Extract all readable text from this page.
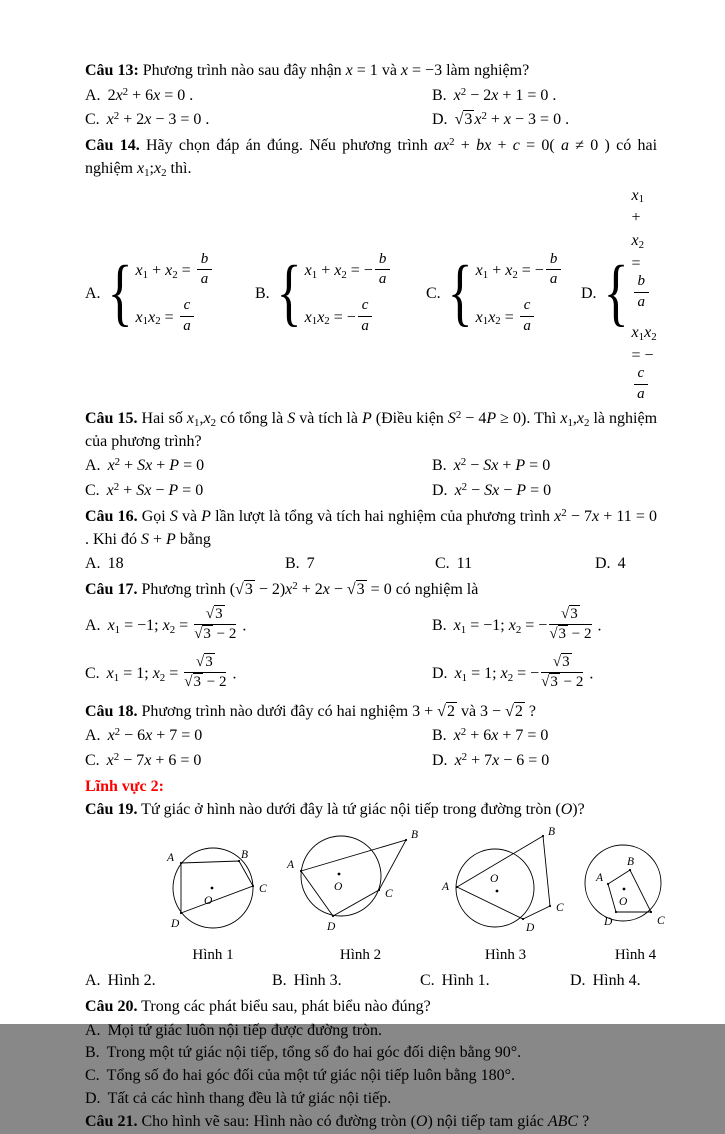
Câu 13: Phương trình nào sau đây nhận x = 1 và x = −3 làm nghiệm?
A. $2x^2 + 6x = 0$ .	B. $x^2 - 2x + 1 = 0$ .
C. $x^2 + 2x - 3 = 0$ .	D. √3 $x^2 + x - 3 = 0$ .
Câu 14. Hãy chọn đáp án đúng. Nếu phương trình $ax^2$ + bx + c = 0( a ≠ 0 ) có hai nghiệm x1;x2 thì.
A. { $x1 + x2 = \frac{b}{a}$
$x1x2 = \frac{c}{a}$
B. { x1 + x2 = − $\frac{b}{a}$
x1x2 = − $\frac{c}{a}$
C. { x1 + x2 = − $\frac{b}{a}$
$x1x2 = \frac{c}{a}$
D. {
x1 + x2 =
$\frac{b}{a}$
x1x2 = −
$\frac{c}{a}$
Câu 15. Hai số x1,x2 có tổng là S và tích là P (Điều kiện $S^2 - 4P \ge 0$). Thì x1,x2 là nghiệm của phương trình?
A. $x^2 + Sx + P = 0$	B. $x^2 - Sx + P = 0$
C. $x^2 + Sx - P = 0$	D. $x^2 - Sx - P = 0$
Câu 16. Gọi S và P lần lượt là tổng và tích hai nghiệm của phương trình $x^2 - 7x + 11 = 0$ . Khi đó S + P bằng
A. 18	B. 7	C. 11	D. 4
Câu 17. Phương trình $(√3 - 2)x^2 + 2x - √3 = 0$ có nghiệm là
A. x1 = −1; $x2 = \frac{√3}{√3 - 2}$ .	B. x1 = −1; x2 = − $\frac{√3}{√3 - 2}$ .
C. x1 = 1; $x2 = \frac{√3}{√3 - 2}$ .	D. x1 = 1; x2 = − $\frac{√3}{√3 - 2}$ .
Câu 18. Phương trình nào dưới đây có hai nghiệm 3 + √2 và 3 − √2 ?
A. $x^2 - 6x + 7 = 0$	B. $x^2 + 6x + 7 = 0$
C. $x^2 - 7x + 6 = 0$	D. $x^2 + 7x - 6 = 0$
Lĩnh vực 2:
Câu 19. Tứ giác ở hình nào dưới đây là tứ giác nội tiếp trong đường tròn (O)?
A	B
C
D
O
Hình 1
A
B
C
D
O
Hình 2
A
B
C
D
O
Hình 3
A
B
C
D
O
Hình 4
A. Hình 2.	B. Hình 3.	C. Hình 1.	D. Hình 4.
Câu 20. Trong các phát biểu sau, phát biểu nào đúng?
A. Mọi tứ giác luôn nội tiếp được đường tròn.
B. Trong một tứ giác nội tiếp, tổng số đo hai góc đối diện bằng 90°.
C. Tổng số đo hai góc đối của một tứ giác nội tiếp luôn bằng 180°.
D. Tất cả các hình thang đều là tứ giác nội tiếp.
Câu 21. Cho hình vẽ sau: Hình nào có đường tròn (O) nội tiếp tam giác ABC ?
